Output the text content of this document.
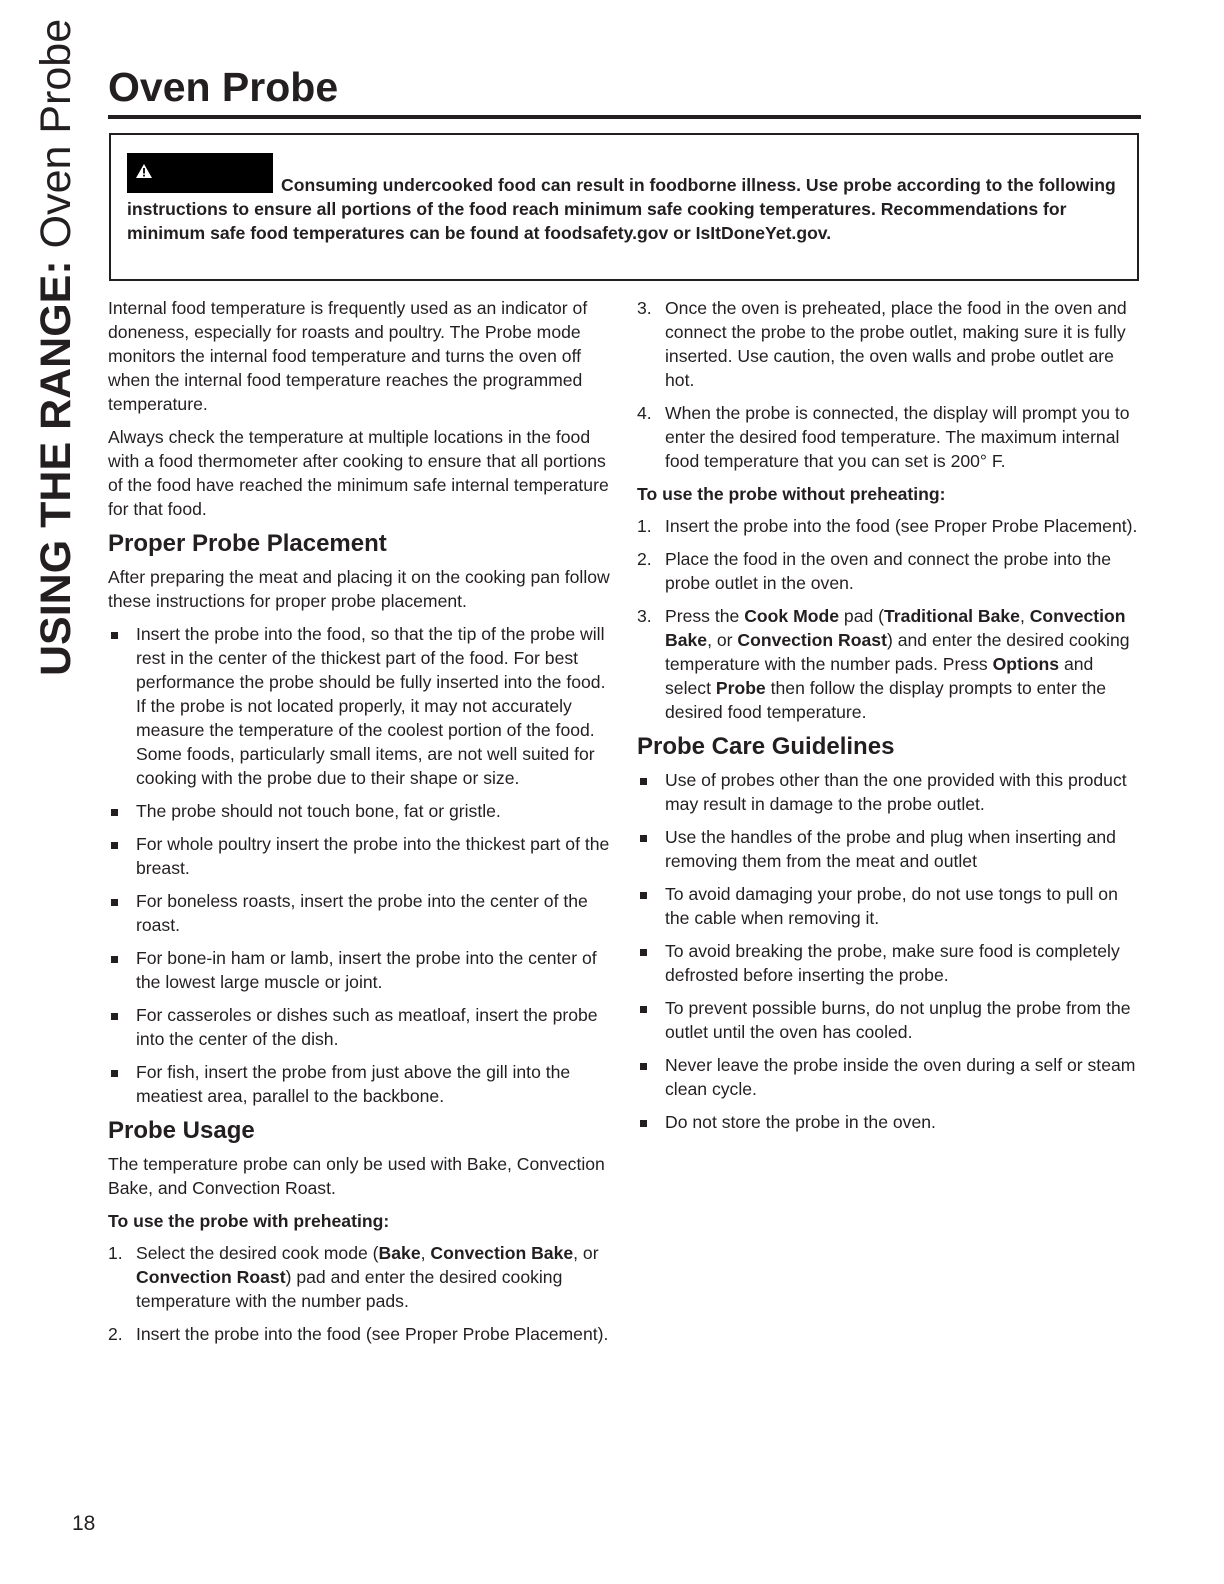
USING THE RANGE: Oven Probe Oven Probe

Consuming undercooked food can result in foodborne illness. Use probe according to the following instructions to ensure all portions of the food reach minimum safe cooking temperatures. Recommendations for minimum safe food temperatures can be found at foodsafety.gov or IsItDoneYet.gov.

Internal food temperature is frequently used as an indicator of doneness, especially for roasts and poultry. The Probe mode monitors the internal food temperature and turns the oven off when the internal food temperature reaches the programmed temperature.

Always check the temperature at multiple locations in the food with a food thermometer after cooking to ensure that all portions of the food have reached the minimum safe internal temperature for that food.

Proper Probe Placement

After preparing the meat and placing it on the cooking pan follow these instructions for proper probe placement.

Insert the probe into the food, so that the tip of the probe will rest in the center of the thickest part of the food. For best performance the probe should be fully inserted into the food. If the probe is not located properly, it may not accurately measure the temperature of the coolest portion of the food. Some foods, particularly small items, are not well suited for cooking with the probe due to their shape or size.
The probe should not touch bone, fat or gristle.
For whole poultry insert the probe into the thickest part of the breast.
For boneless roasts, insert the probe into the center of the roast.
For bone-in ham or lamb, insert the probe into the center of the lowest large muscle or joint.
For casseroles or dishes such as meatloaf, insert the probe into the center of the dish.
For fish, insert the probe from just above the gill into the meatiest area, parallel to the backbone.
Probe Usage

The temperature probe can only be used with Bake, Convection Bake, and Convection Roast.

To use the probe with preheating:
1. Select the desired cook mode (Bake, Convection Bake, or Convection Roast) pad and enter the desired cooking temperature with the number pads.
2. Insert the probe into the food (see Proper Probe Placement).
3. Once the oven is preheated, place the food in the oven and connect the probe to the probe outlet, making sure it is fully inserted. Use caution, the oven walls and probe outlet are hot.
4. When the probe is connected, the display will prompt you to enter the desired food temperature. The maximum internal food temperature that you can set is 200° F.
To use the probe without preheating:
1. Insert the probe into the food (see Proper Probe Placement).
2. Place the food in the oven and connect the probe into the probe outlet in the oven.
3. Press the Cook Mode pad (Traditional Bake, Convection Bake, or Convection Roast) and enter the desired cooking temperature with the number pads. Press Options and select Probe then follow the display prompts to enter the desired food temperature.
Probe Care Guidelines
Use of probes other than the one provided with this product may result in damage to the probe outlet.
Use the handles of the probe and plug when inserting and removing them from the meat and outlet
To avoid damaging your probe, do not use tongs to pull on the cable when removing it.
To avoid breaking the probe, make sure food is completely defrosted before inserting the probe.
To prevent possible burns, do not unplug the probe from the outlet until the oven has cooled.
Never leave the probe inside the oven during a self or steam clean cycle.
Do not store the probe in the oven.
18
